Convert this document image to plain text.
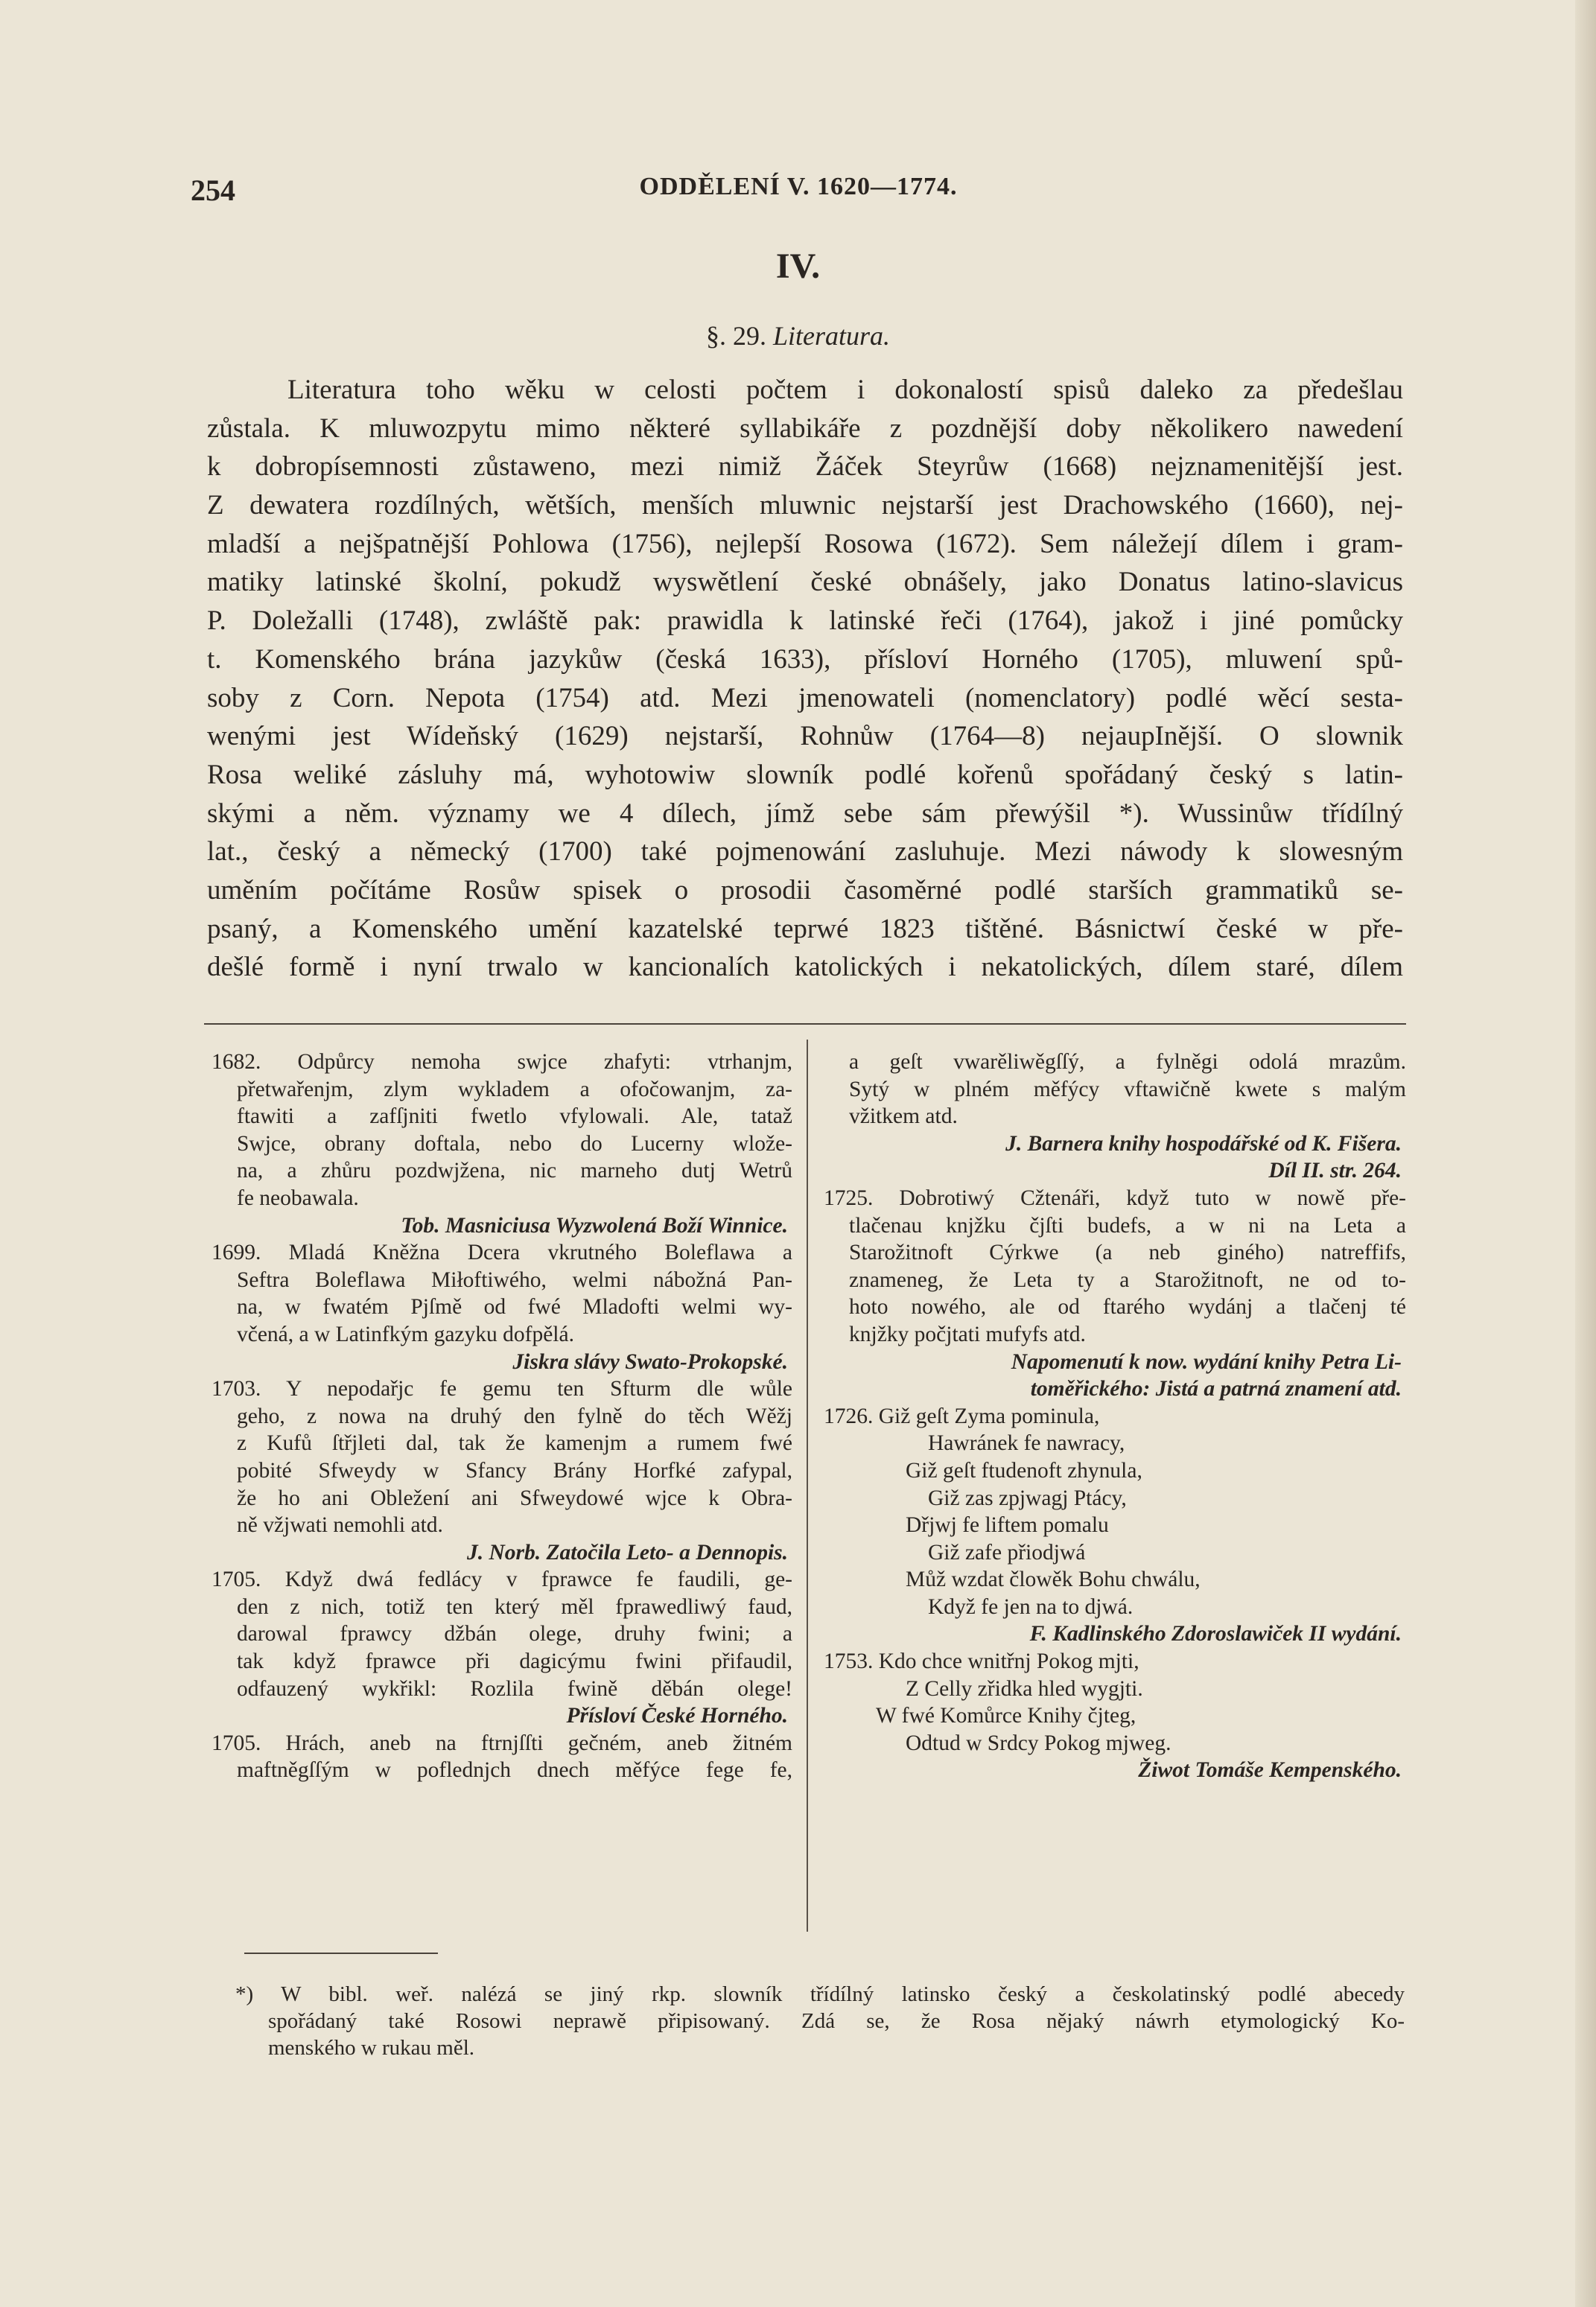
254	ODDĚLENÍ V. 1620—1774.
IV.
§. 29. Literatura.
Literatura toho wěku w celosti počtem i dokonalostí spisů daleko za předešlau
zůstala. K mluwozpytu mimo některé syllabikáře z pozdnější doby několikero nawedení
k dobropísemnosti zůstaweno, mezi nimiž Žáček Steyrůw (1668) nejznamenitější jest.
Z dewatera rozdílných, wětších, menších mluwnic nejstarší jest Drachowského (1660), nej-
mladší a nejšpatnější Pohlowa (1756), nejlepší Rosowa (1672). Sem náležejí dílem i gram-
matiky latinské školní, pokudž wyswětlení české obnášely, jako Donatus latino-slavicus
P. Doležalli (1748), zwláště pak: prawidla k latinské řeči (1764), jakož i jiné pomůcky
t. Komenského brána jazykůw (česká 1633), přísloví Horného (1705), mluwení spů-
soby z Corn. Nepota (1754) atd. Mezi jmenowateli (nomenclatory) podlé wěcí sesta-
wenými jest Wídeňský (1629) nejstarší, Rohnůw (1764—8) nejaupInější. O slownik
Rosa weliké zásluhy má, wyhotowiw slowník podlé kořenů spořádaný český s latin-
skými a něm. významy we 4 dílech, jímž sebe sám přewýšil *). Wussinůw třídílný
lat., český a německý (1700) také pojmenowání zasluhuje. Mezi náwody k slowesným
uměním počítáme Rosůw spisek o prosodii časoměrné podlé starších grammatiků se-
psaný, a Komenského umění kazatelské teprwé 1823 tištěné. Básnictwí české w pře-
dešlé formě i nyní trwalo w kancionalích katolických i nekatolických, dílem staré, dílem
1682. Odpůrcy nemoha swjce zhafyti: vtrhanjm,
přetwařenjm, zlym wykladem a ofočowanjm, za-
ftawiti a zafſjniti fwetlo vfylowali. Ale, tataž
Swjce, obrany doftala, nebo do Lucerny wlože-
na, a zhůru pozdwjžena, nic marneho dutj Wetrů
fe neobawala.
Tob. Masniciusa Wyzwolená Boží Winnice.
1699. Mladá Kněžna Dcera vkrutného Boleflawa a
Seftra Boleflawa Miłoftiwého, welmi nábožná Pan-
na, w fwatém Pjſmě od fwé Mladofti welmi wy-
včená, a w Latinfkým gazyku dofpělá.
Jiskra slávy Swato-Prokopské.
1703. Y nepodařjc fe gemu ten Sfturm dle wůle
geho, z nowa na druhý den fylně do těch Wěžj
z Kufů ſtřjleti dal, tak že kamenjm a rumem fwé
pobité Sfweydy w Sfancy Brány Horfké zafypal,
že ho ani Obležení ani Sfweydowé wjce k Obra-
ně vžjwati nemohli atd.
J. Norb. Zatočila Leto- a Dennopis.
1705. Když dwá fedlácy v fprawce fe faudili, ge-
den z nich, totiž ten který měl fprawedliwý faud,
darowal fprawcy džbán olege, druhy fwini; a
tak když fprawce při dagicýmu fwini přifaudil,
odfauzený wykřikl: Rozlila fwině děbán olege!
Přísloví České Horného.
1705. Hrách, aneb na ftrnjſſti gečném, aneb žitném
maftněgſſým w poflednjch dnech měfýce fege fe,
a geſt vwarěliwěgſſý, a fylněgi odolá mrazům.
Sytý w plném měfýcy vftawičně kwete s malým
vžitkem atd.
J. Barnera knihy hospodářské od K. Fišera.
Díl II. str. 264.
1725. Dobrotiwý Cžtenáři, když tuto w nowě pře-
tlačenau knjžku čjſti budefs, a w ni na Leta a
Starožitnoft Cýrkwe (a neb giného) natreffifs,
znameneg, že Leta ty a Starožitnoft, ne od to-
hoto nowého, ale od ftarého wydánj a tlačenj té
knjžky počjtati mufyfs atd.
Napomenutí k now. wydání knihy Petra Li-
toměřického: Jistá a patrná znamení atd.
1726. Giž geſt Zyma pominula,
Hawránek fe nawracy,
Giž geſt ftudenoft zhynula,
Giž zas zpjwagj Ptácy,
Dřjwj fe liftem pomalu
Giž zafe přiodjwá
Můž wzdat člowěk Bohu chwálu,
Když fe jen na to djwá.
F. Kadlinského Zdoroslawiček II wydání.
1753. Kdo chce wnitřnj Pokog mjti,
Z Celly zřidka hled wygjti.
W fwé Komůrce Knihy čjteg,
Odtud w Srdcy Pokog mjweg.
Žiwot Tomáše Kempenského.
*) W bibl. weř. nalézá se jiný rkp. slowník třídílný latinsko český a českolatinský podlé abecedy
spořádaný také Rosowi neprawě připisowaný. Zdá se, že Rosa nějaký náwrh etymologický Ko-
menského w rukau měl.
